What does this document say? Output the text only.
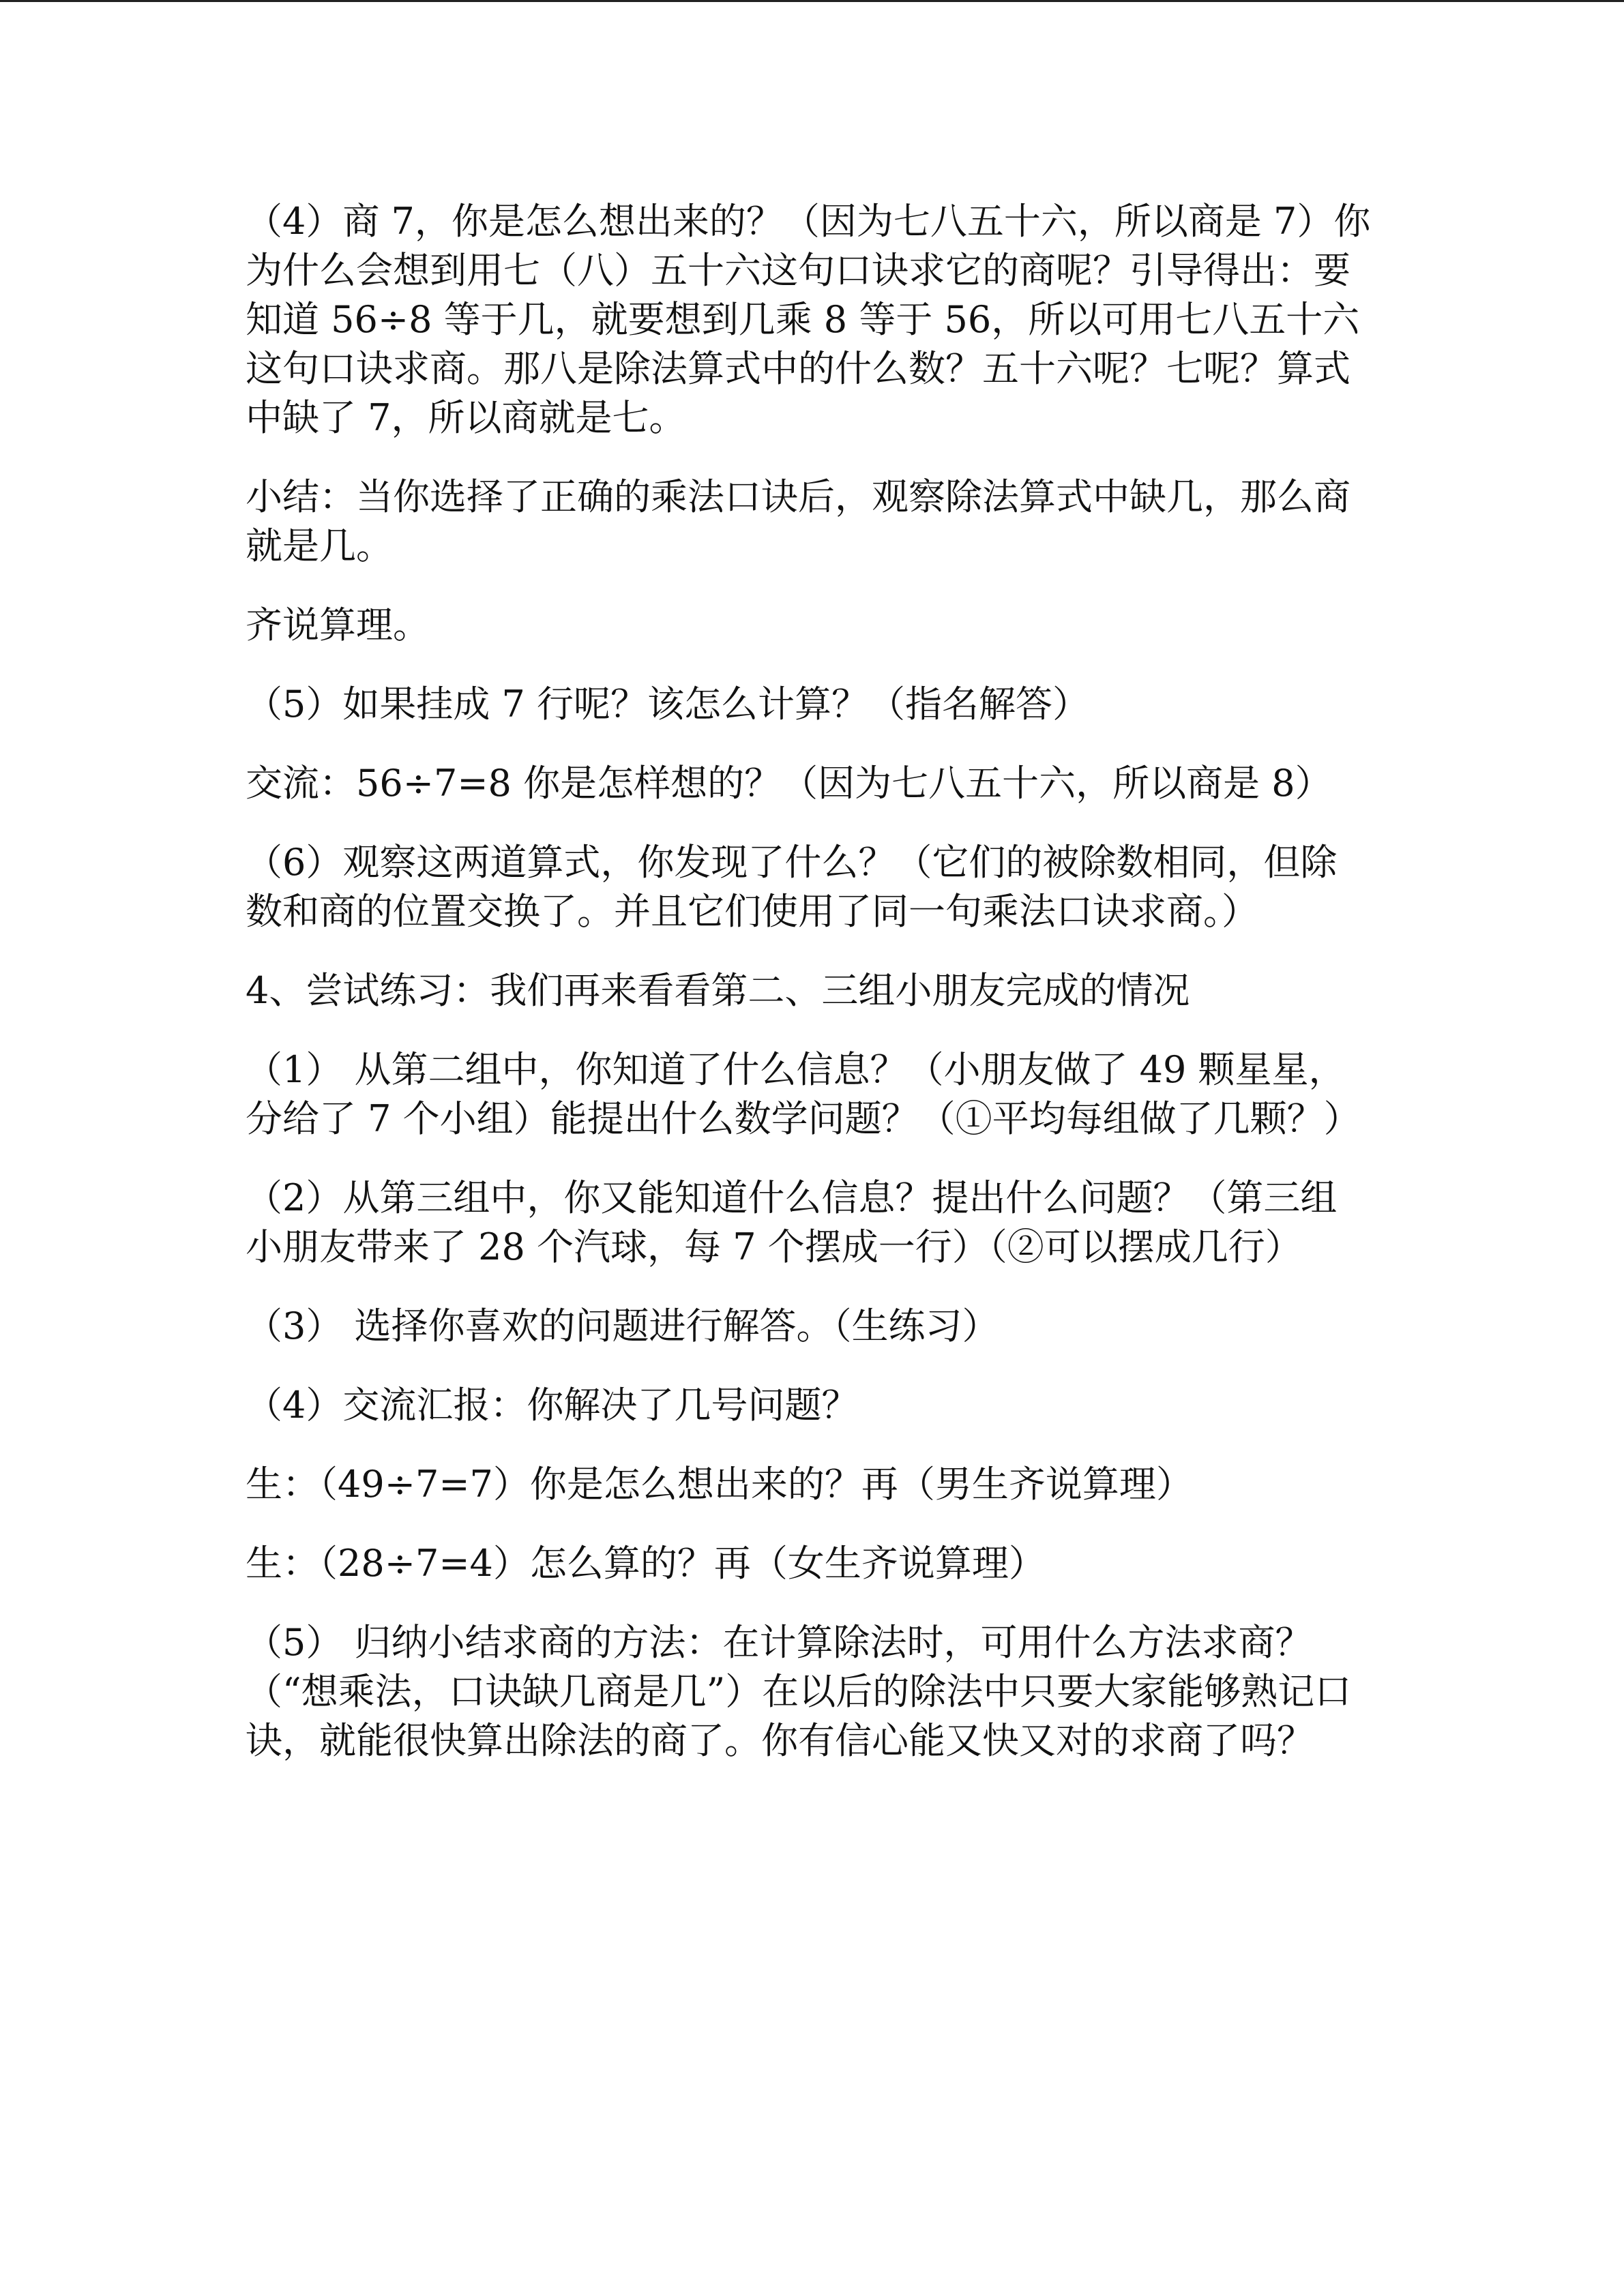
（4）商 7，你是怎么想出来的？（因为七八五十六，所以商是 7）你为什么会想到用七（八）五十六这句口诀求它的商呢？引导得出：要知道 56÷8 等于几，就要想到几乘 8 等于 56，所以可用七八五十六这句口诀求商。那八是除法算式中的什么数？五十六呢？七呢？算式中缺了 7，所以商就是七。

小结：当你选择了正确的乘法口诀后，观察除法算式中缺几，那么商就是几。

齐说算理。

（5）如果挂成 7 行呢？该怎么计算？（指名解答）

交流：56÷7=8 你是怎样想的？（因为七八五十六，所以商是 8）

（6）观察这两道算式，你发现了什么？（它们的被除数相同，但除数和商的位置交换了。并且它们使用了同一句乘法口诀求商。）

4、尝试练习：我们再来看看第二、三组小朋友完成的情况

（1） 从第二组中，你知道了什么信息？（小朋友做了 49 颗星星，分给了 7 个小组）能提出什么数学问题？（①平均每组做了几颗？）

（2）从第三组中，你又能知道什么信息？提出什么问题？（第三组小朋友带来了 28 个汽球，每 7 个摆成一行）（②可以摆成几行）

（3） 选择你喜欢的问题进行解答。（生练习）

（4）交流汇报：你解决了几号问题？

生：（49÷7=7）你是怎么想出来的？再（男生齐说算理）

生：（28÷7=4）怎么算的？再（女生齐说算理）

（5） 归纳小结求商的方法：在计算除法时，可用什么方法求商？（“想乘法，口诀缺几商是几”）在以后的除法中只要大家能够熟记口诀，就能很快算出除法的商了。你有信心能又快又对的求商了吗？
